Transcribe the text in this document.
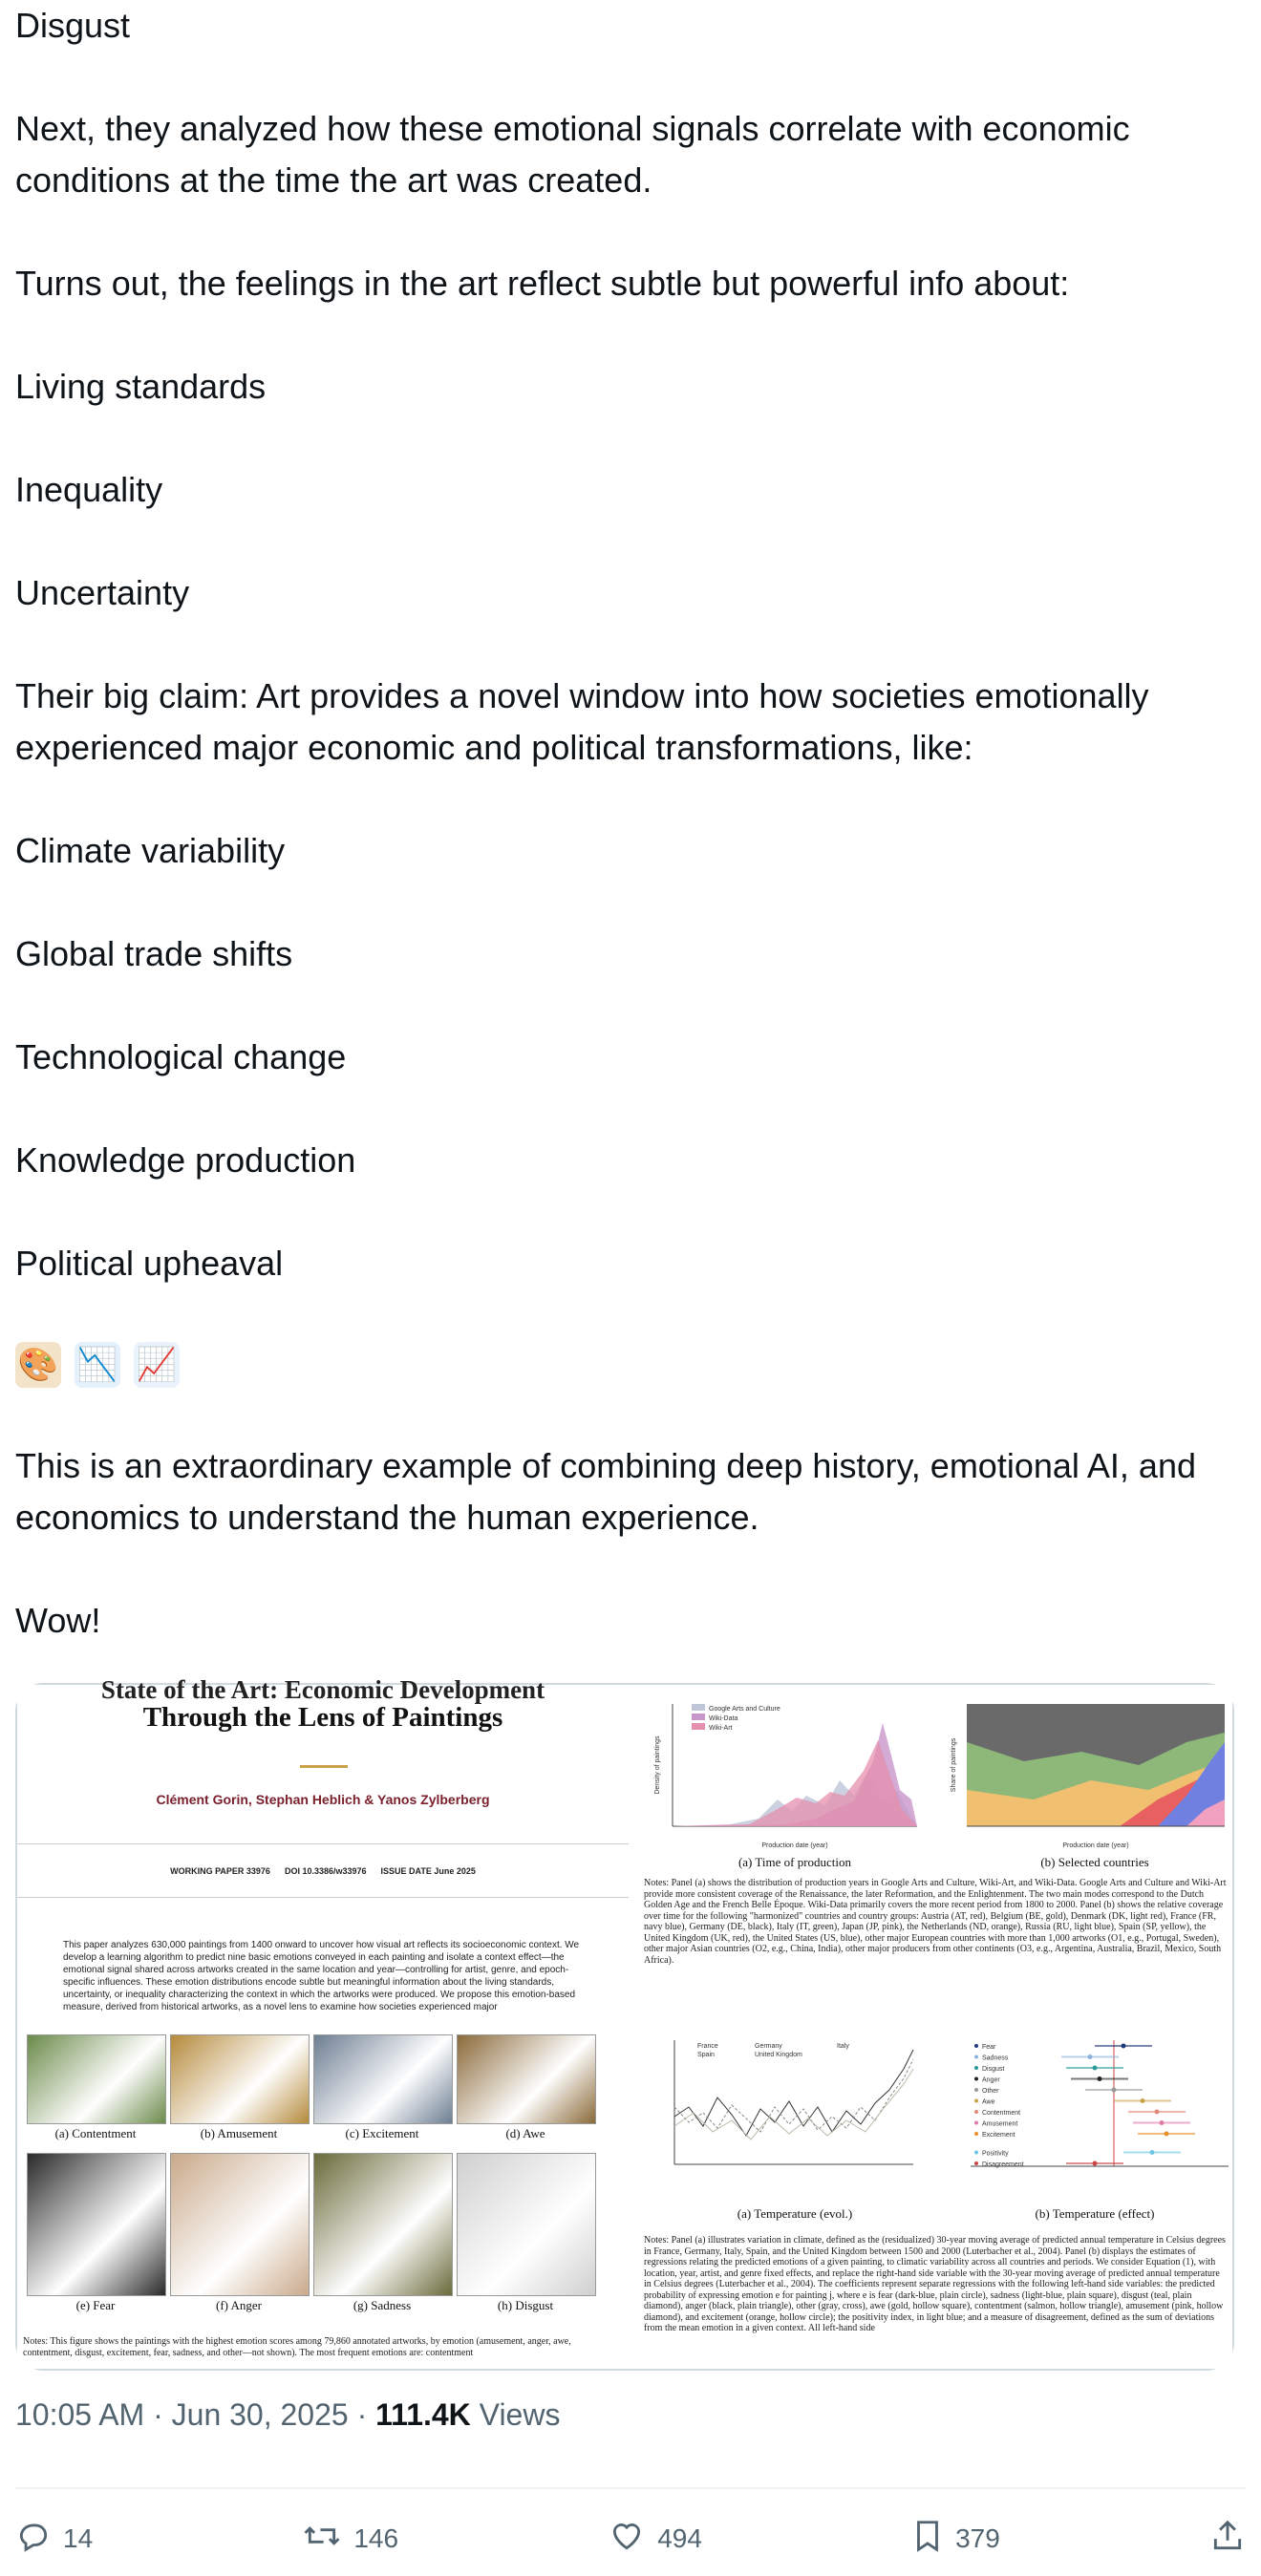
Disgust
Next, they analyzed how these emotional signals correlate with economic conditions at the time the art was created.
Turns out, the feelings in the art reflect subtle but powerful info about:
Living standards
Inequality
Uncertainty
Their big claim: Art provides a novel window into how societies emotionally experienced major economic and political transformations, like:
Climate variability
Global trade shifts
Technological change
Knowledge production
Political upheaval
🎨 📉 📈
This is an extraordinary example of combining deep history, emotional AI, and economics to understand the human experience.
Wow!
State of the Art: Economic Development
Through the Lens of Paintings
Clément Gorin, Stephan Heblich & Yanos Zylberberg
WORKING PAPER 33976 DOI 10.3386/w33976 ISSUE DATE June 2025
This paper analyzes 630,000 paintings from 1400 onward to uncover how visual art reflects its socioeconomic context. We develop a learning algorithm to predict nine basic emotions conveyed in each painting and isolate a context effect—the emotional signal shared across artworks created in the same location and year—controlling for artist, genre, and epoch-specific influences. These emotion distributions encode subtle but meaningful information about the living standards, uncertainty, or inequality characterizing the context in which the artworks were produced. We propose this emotion-based measure, derived from historical artworks, as a novel lens to examine how societies experienced major
(a) Contentment	(b) Amusement	(c) Excitement	(d) Awe
(e) Fear	(f) Anger	(g) Sadness	(h) Disgust
Notes: This figure shows the paintings with the highest emotion scores among 79,860 annotated artworks, by emotion (amusement, anger, awe, contentment, disgust, excitement, fear, sadness, and other—not shown). The most frequent emotions are: contentment
Google Arts and Culture
Wiki-Data
Wiki-Art
Production date (year)
Density of paintings
(a) Time of production
Production date (year)
Share of paintings
(b) Selected countries
France	Germany	Italy
Spain	United Kingdom
(a) Temperature (evol.)
Fear
Sadness
Disgust
Anger
Other
Awe
Contentment
Amusement
Excitement
Positivity
Disagreement
(b) Temperature (effect)
Notes: Panel (a) shows the distribution of production years in Google Arts and Culture, Wiki-Art, and Wiki-Data. Google Arts and Culture and Wiki-Art provide more consistent coverage of the Renaissance, the later Reformation, and the Enlightenment. The two main modes correspond to the Dutch Golden Age and the French Belle Époque. Wiki-Data primarily covers the more recent period from 1800 to 2000. Panel (b) shows the relative coverage over time for the following "harmonized" countries and country groups: Austria (AT, red), Belgium (BE, gold), Denmark (DK, light red), France (FR, navy blue), Germany (DE, black), Italy (IT, green), Japan (JP, pink), the Netherlands (ND, orange), Russia (RU, light blue), Spain (SP, yellow), the United Kingdom (UK, red), the United States (US, blue), other major European countries with more than 1,000 artworks (O1, e.g., Portugal, Sweden), other major Asian countries (O2, e.g., China, India), other major producers from other continents (O3, e.g., Argentina, Australia, Brazil, Mexico, South Africa).
Notes: Panel (a) illustrates variation in climate, defined as the (residualized) 30-year moving average of predicted annual temperature in Celsius degrees in France, Germany, Italy, Spain, and the United Kingdom between 1500 and 2000 (Luterbacher et al., 2004). Panel (b) displays the estimates of regressions relating the predicted emotions of a given painting, to climatic variability across all countries and periods. We consider Equation (1), with location, year, artist, and genre fixed effects, and replace the right-hand side variable with the 30-year moving average of predicted annual temperature in Celsius degrees (Luterbacher et al., 2004). The coefficients represent separate regressions with the following left-hand side variables: the predicted probability of expressing emotion e for painting j, where e is fear (dark-blue, plain circle), sadness (light-blue, plain square), disgust (teal, plain diamond), anger (black, plain triangle), other (gray, cross), awe (gold, hollow square), contentment (salmon, hollow triangle), amusement (pink, hollow diamond), and excitement (orange, hollow circle); the positivity index, in light blue; and a measure of disagreement, defined as the sum of deviations from the mean emotion in a given context. All left-hand side
10:05 AM · Jun 30, 2025 · 111.4K Views
14	146	494	379
